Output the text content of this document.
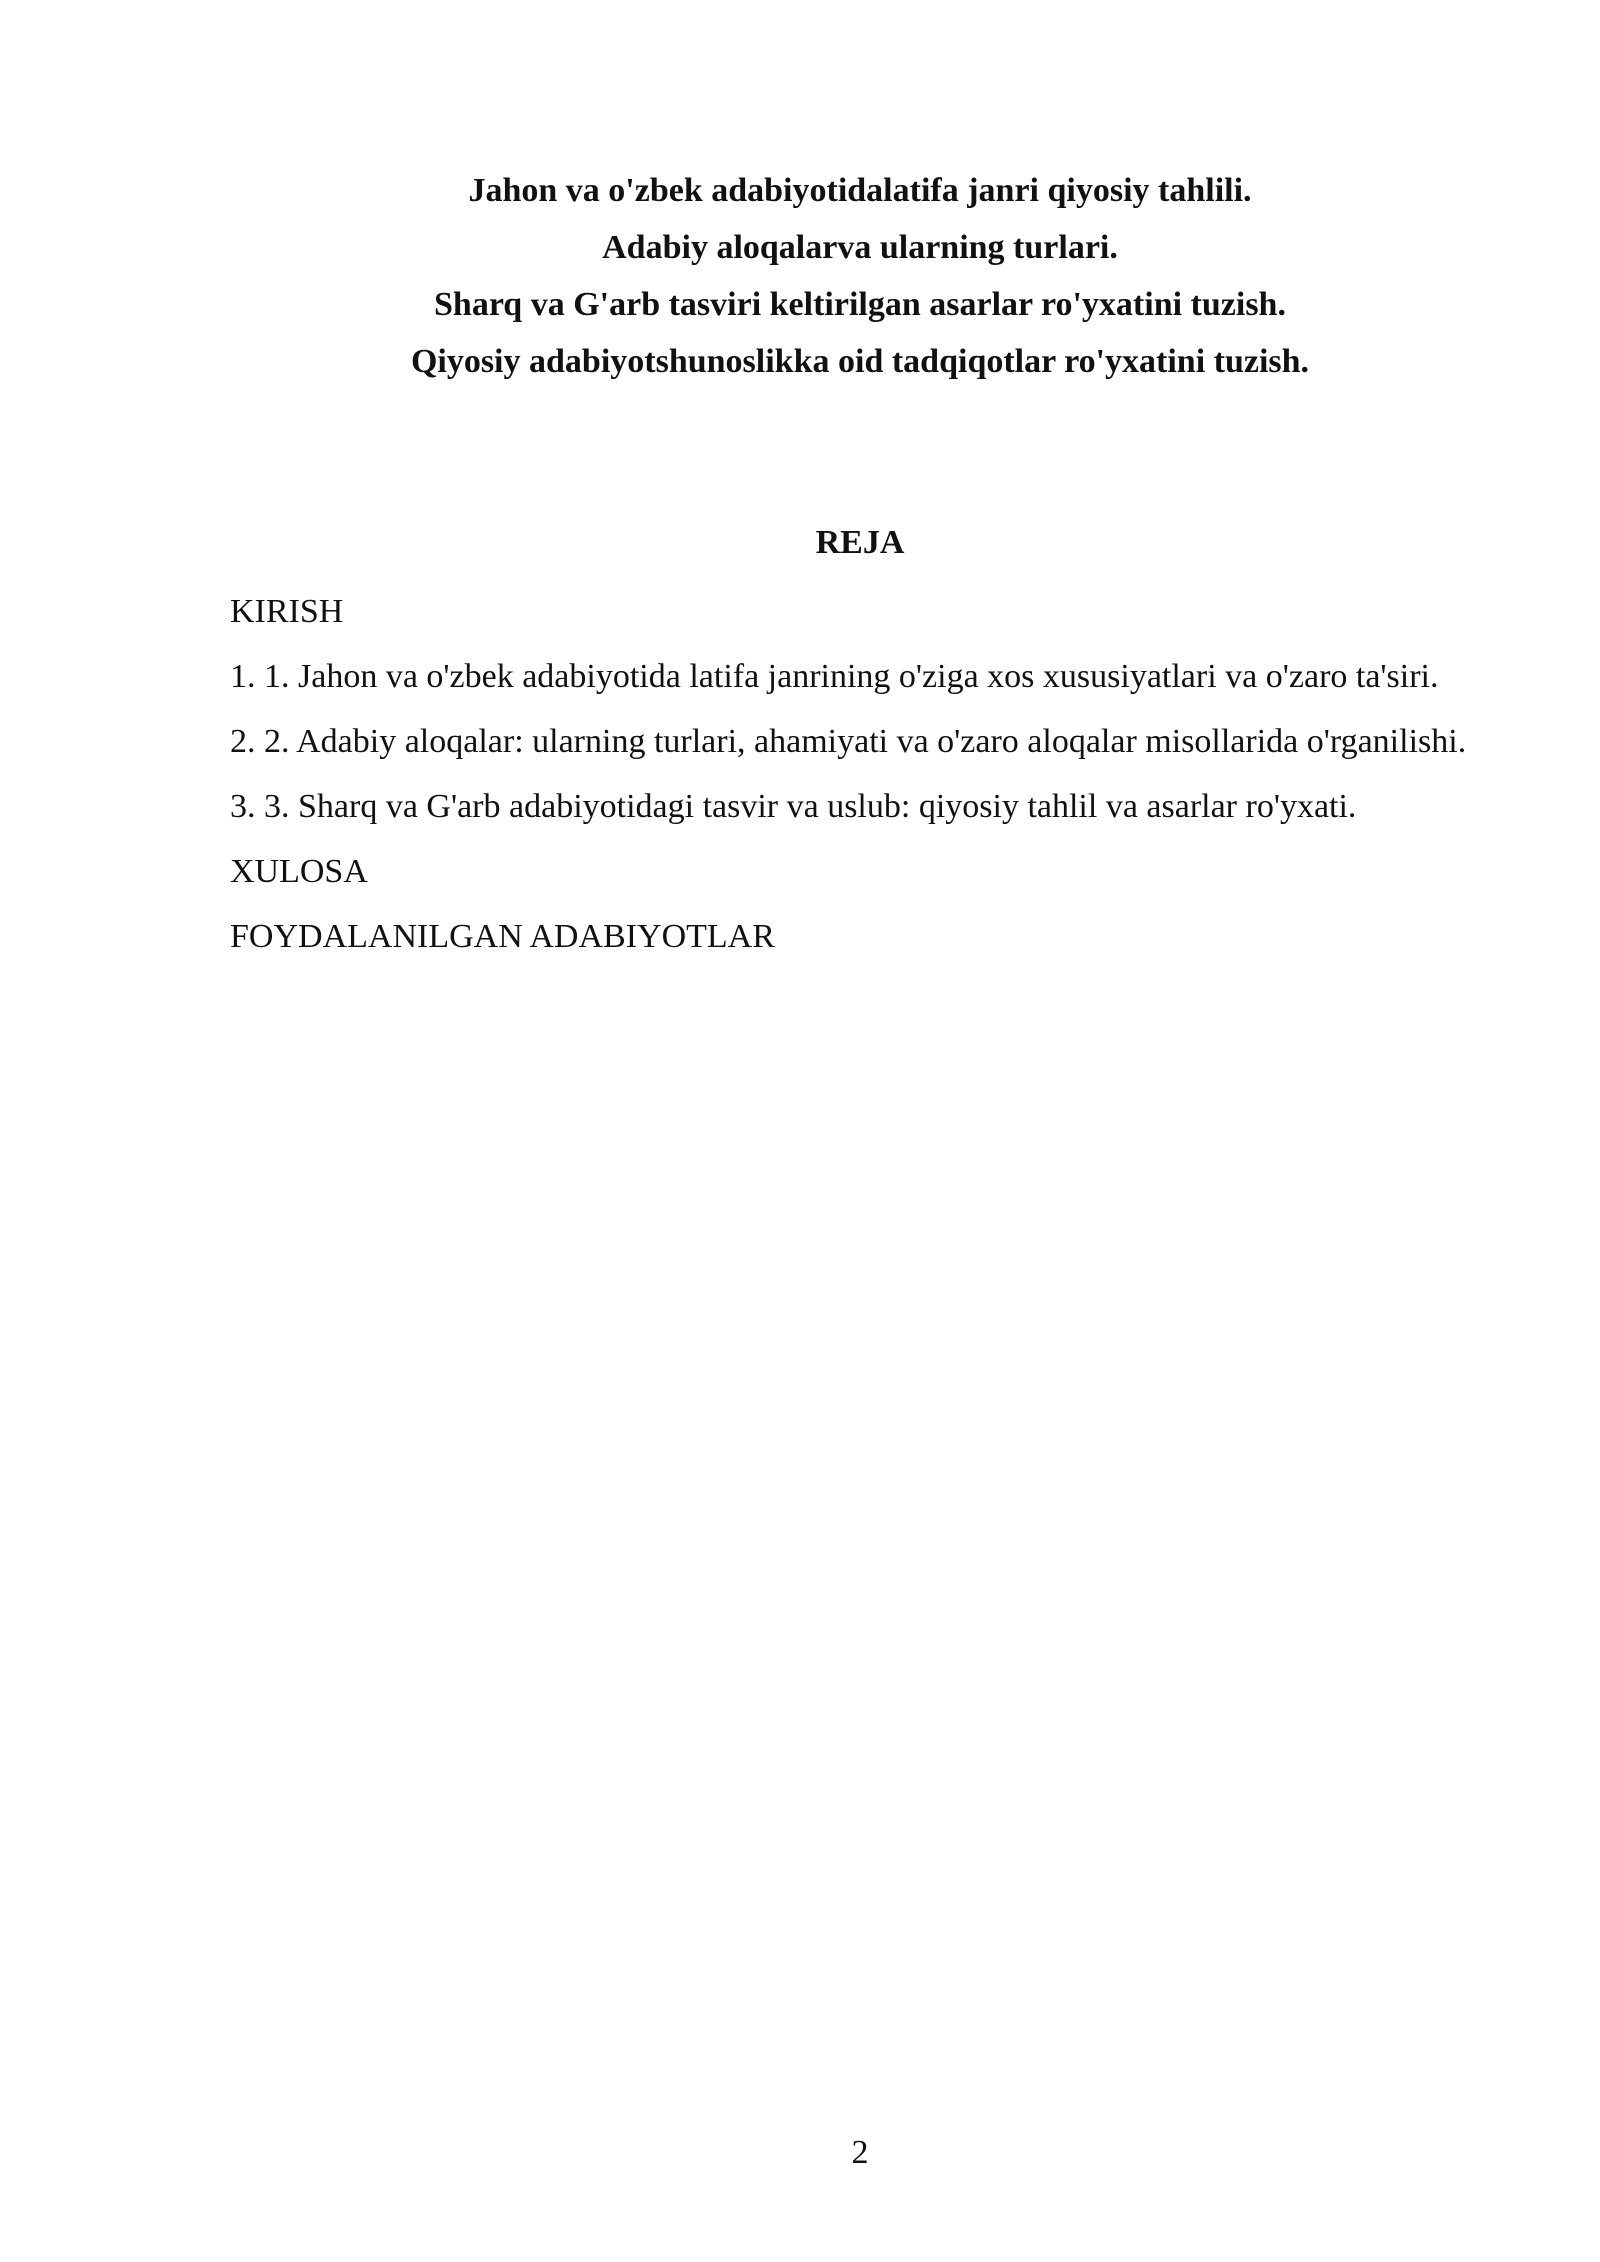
Jahon va o'zbek adabiyotidalatifa janri qiyosiy tahlili.

Adabiy aloqalarva ularning turlari.

Sharq va G'arb tasviri keltirilgan asarlar ro'yxatini tuzish.

Qiyosiy adabiyotshunoslikka oid tadqiqotlar ro'yxatini tuzish.

REJA
KIRISH
1. 1. Jahon va o'zbek adabiyotida latifa janrining o'ziga xos xususiyatlari va o'zaro ta'siri.
2. 2. Adabiy aloqalar: ularning turlari, ahamiyati va o'zaro aloqalar misollarida o'rganilishi.
3. 3. Sharq va G'arb adabiyotidagi tasvir va uslub: qiyosiy tahlil va asarlar ro'yxati.
XULOSA
FOYDALANILGAN ADABIYOTLAR
2
